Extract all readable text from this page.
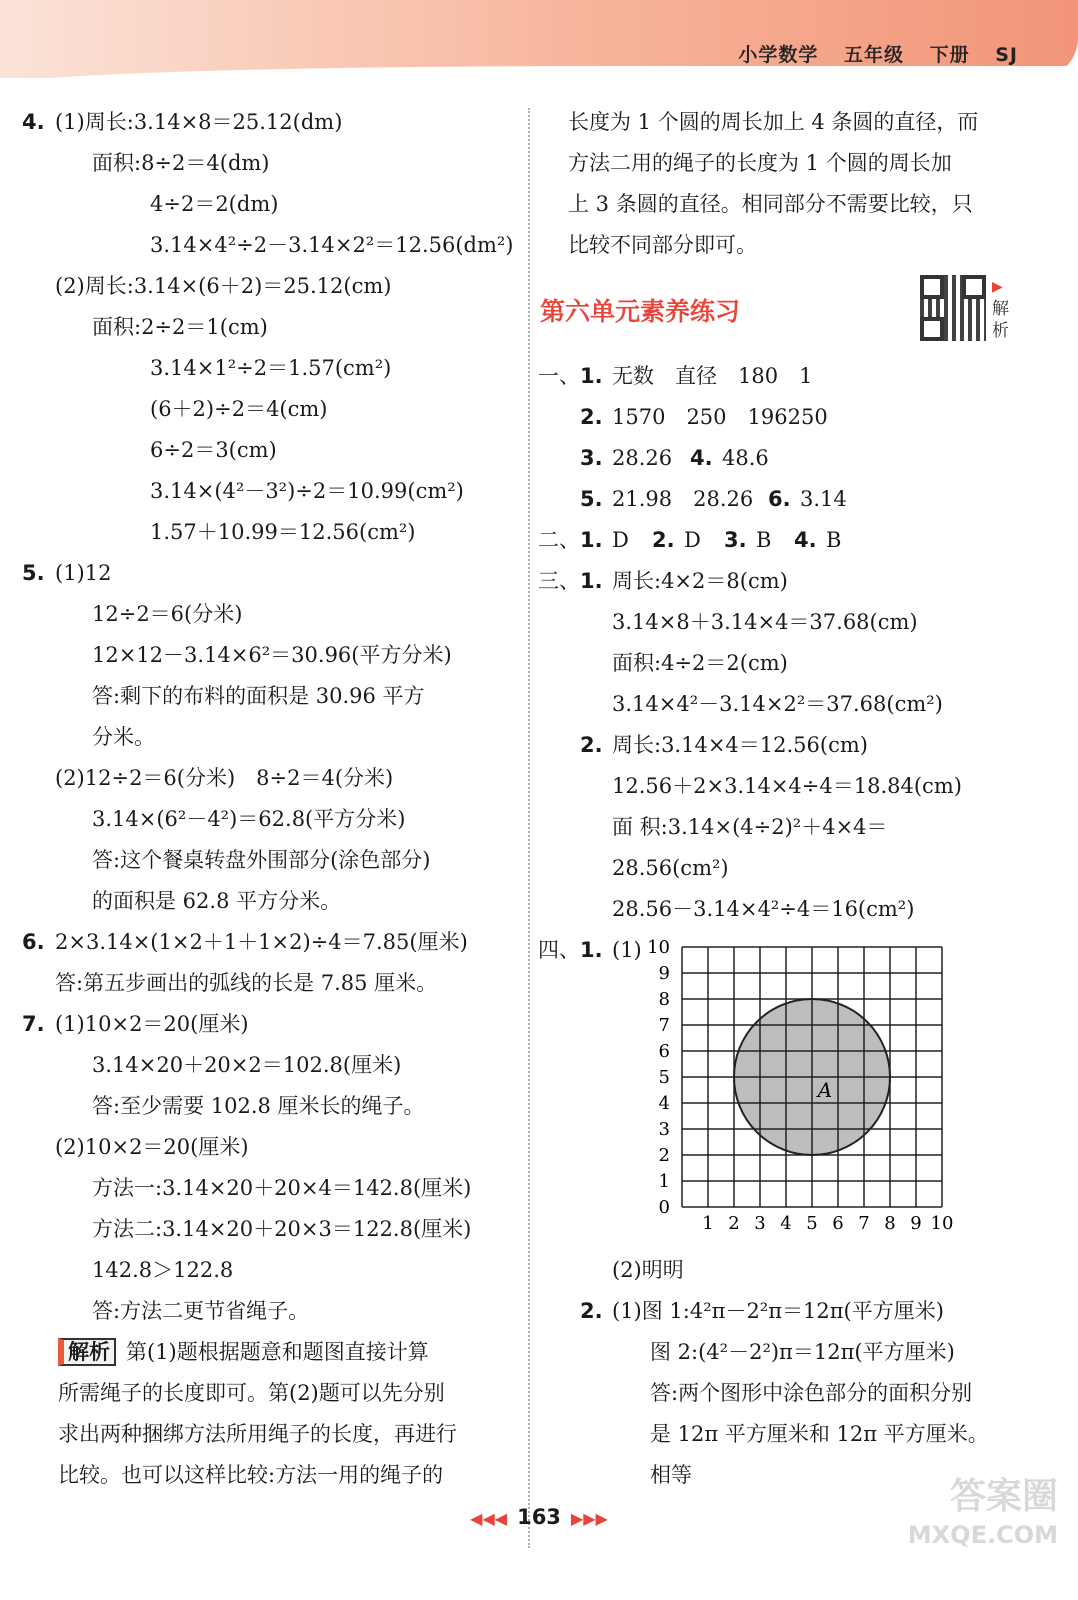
小学数学 五年级 下册 SJ
4. (1)周长:3.14×8＝25.12(dm)
面积:8÷2＝4(dm)
4÷2＝2(dm)
3.14×4²÷2－3.14×2²＝12.56(dm²)
(2)周长:3.14×(6＋2)＝25.12(cm)
面积:2÷2＝1(cm)
3.14×1²÷2＝1.57(cm²)
(6＋2)÷2＝4(cm)
6÷2＝3(cm)
3.14×(4²－3²)÷2＝10.99(cm²)
1.57＋10.99＝12.56(cm²)
5. (1)12
12÷2＝6(分米)
12×12－3.14×6²＝30.96(平方分米)
答:剩下的布料的面积是 30.96 平方
分米。
(2)12÷2＝6(分米)　8÷2＝4(分米)
3.14×(6²－4²)＝62.8(平方分米)
答:这个餐桌转盘外围部分(涂色部分)
的面积是 62.8 平方分米。
6. 2×3.14×(1×2＋1＋1×2)÷4＝7.85(厘米)
答:第五步画出的弧线的长是 7.85 厘米。
7. (1)10×2＝20(厘米)
3.14×20＋20×2＝102.8(厘米)
答:至少需要 102.8 厘米长的绳子。
(2)10×2＝20(厘米)
方法一:3.14×20＋20×4＝142.8(厘米)
方法二:3.14×20＋20×3＝122.8(厘米)
142.8＞122.8
答:方法二更节省绳子。
解析 第(1)题根据题意和题图直接计算
所需绳子的长度即可。第(2)题可以先分别
求出两种捆绑方法所用绳子的长度，再进行
比较。也可以这样比较:方法一用的绳子的
长度为 1 个圆的周长加上 4 条圆的直径，而
方法二用的绳子的长度为 1 个圆的周长加
上 3 条圆的直径。相同部分不需要比较，只
比较不同部分即可。
第六单元素养练习
▶解析
一、 1. 无数　直径　180　1
2. 1570　250　196250
3. 28.26 4. 48.6
5. 21.98　28.26 6. 3.14
二、 1. D 2. D 3. B 4. B
三、 1. 周长:4×2＝8(cm)
3.14×8＋3.14×4＝37.68(cm)
面积:4÷2＝2(cm)
3.14×4²－3.14×2²＝37.68(cm²)
2. 周长:3.14×4＝12.56(cm)
12.56＋2×3.14×4÷4＝18.84(cm)
面 积:3.14×(4÷2)²＋4×4＝
28.56(cm²)
28.56－3.14×4²÷4＝16(cm²)
四、 1. (1)
0
1
2
3
4
5
6
7
8
9
10
1 2 3 4 5 6 7 8 9 10
A
(2)明明
2. (1)图 1:4²π－2²π＝12π(平方厘米)
图 2:(4²－2²)π＝12π(平方厘米)
答:两个图形中涂色部分的面积分别
是 12π 平方厘米和 12π 平方厘米。
相等
◀◀◀ 163 ▶▶▶
答案圈
MXQE.COM
